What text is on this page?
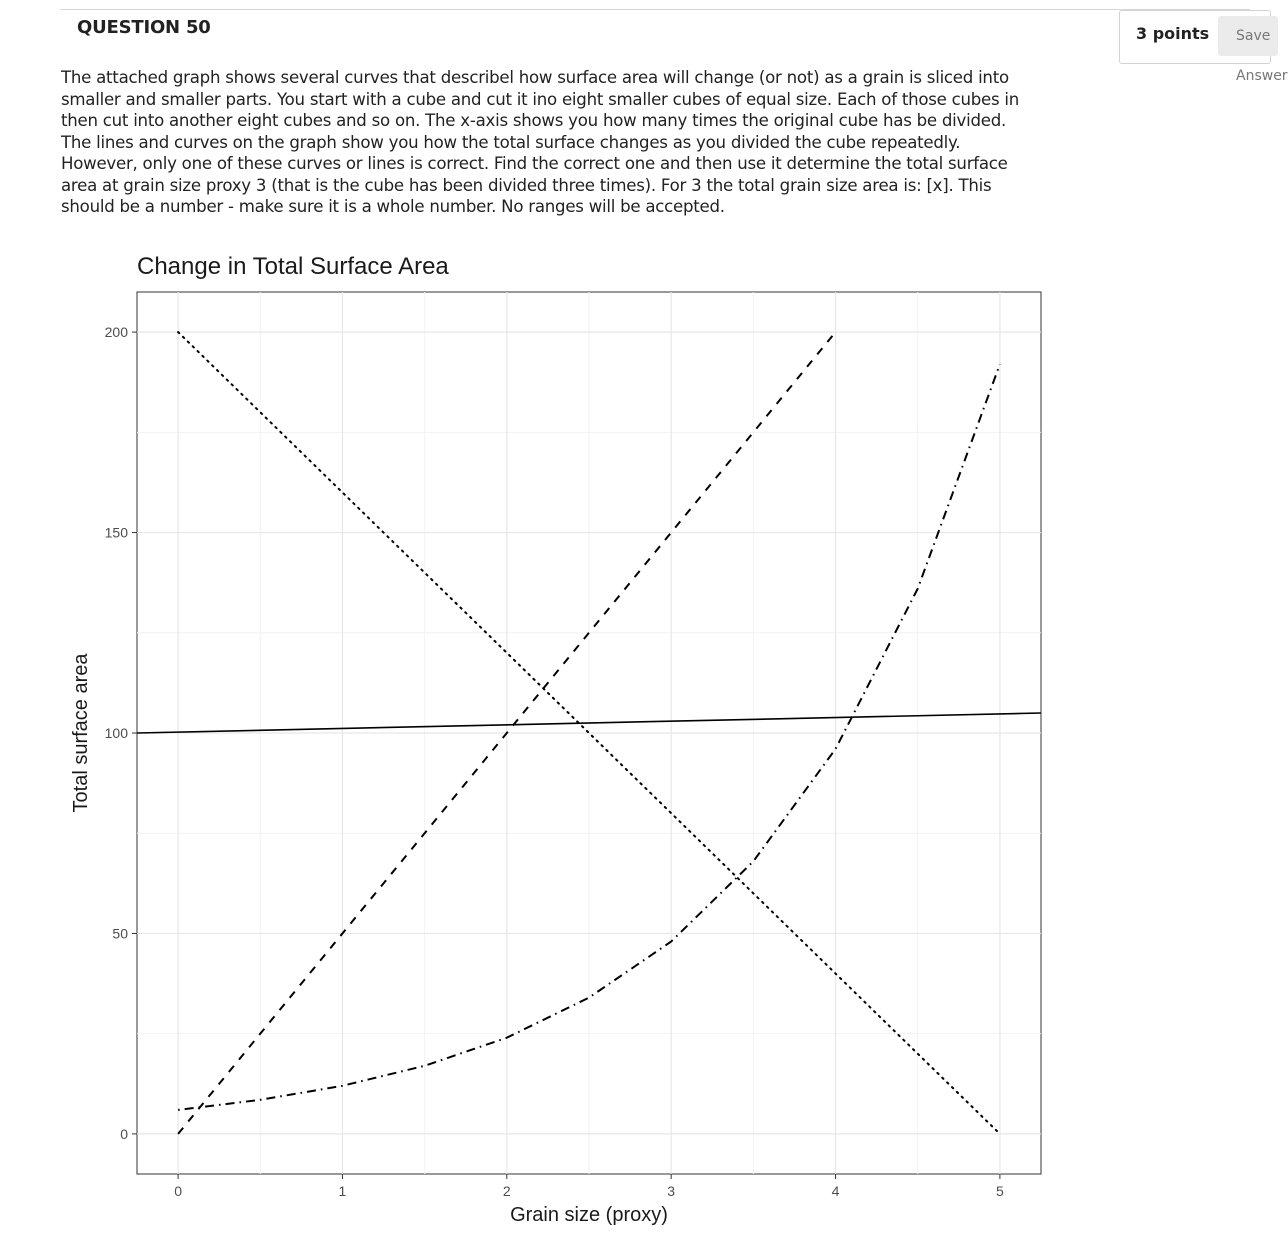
QUESTION 50	3 points	Save Answer

The attached graph shows several curves that describel how surface area will change (or not) as a grain is sliced into

smaller and smaller parts. You start with a cube and cut it ino eight smaller cubes of equal size. Each of those cubes in

then cut into another eight cubes and so on. The x-axis shows you how many times the original cube has be divided.

The lines and curves on the graph show you how the total surface changes as you divided the cube repeatedly.

However, only one of these curves or lines is correct. Find the correct one and then use it determine the total surface

area at grain size proxy 3 (that is the cube has been divided three times). For 3 the total grain size area is: [x]. This

should be a number - make sure it is a whole number. No ranges will be accepted.

Change in Total Surface Area
0	1	2	3	4	5
0
50
100
150
200
Grain size (proxy)
Total surface area
